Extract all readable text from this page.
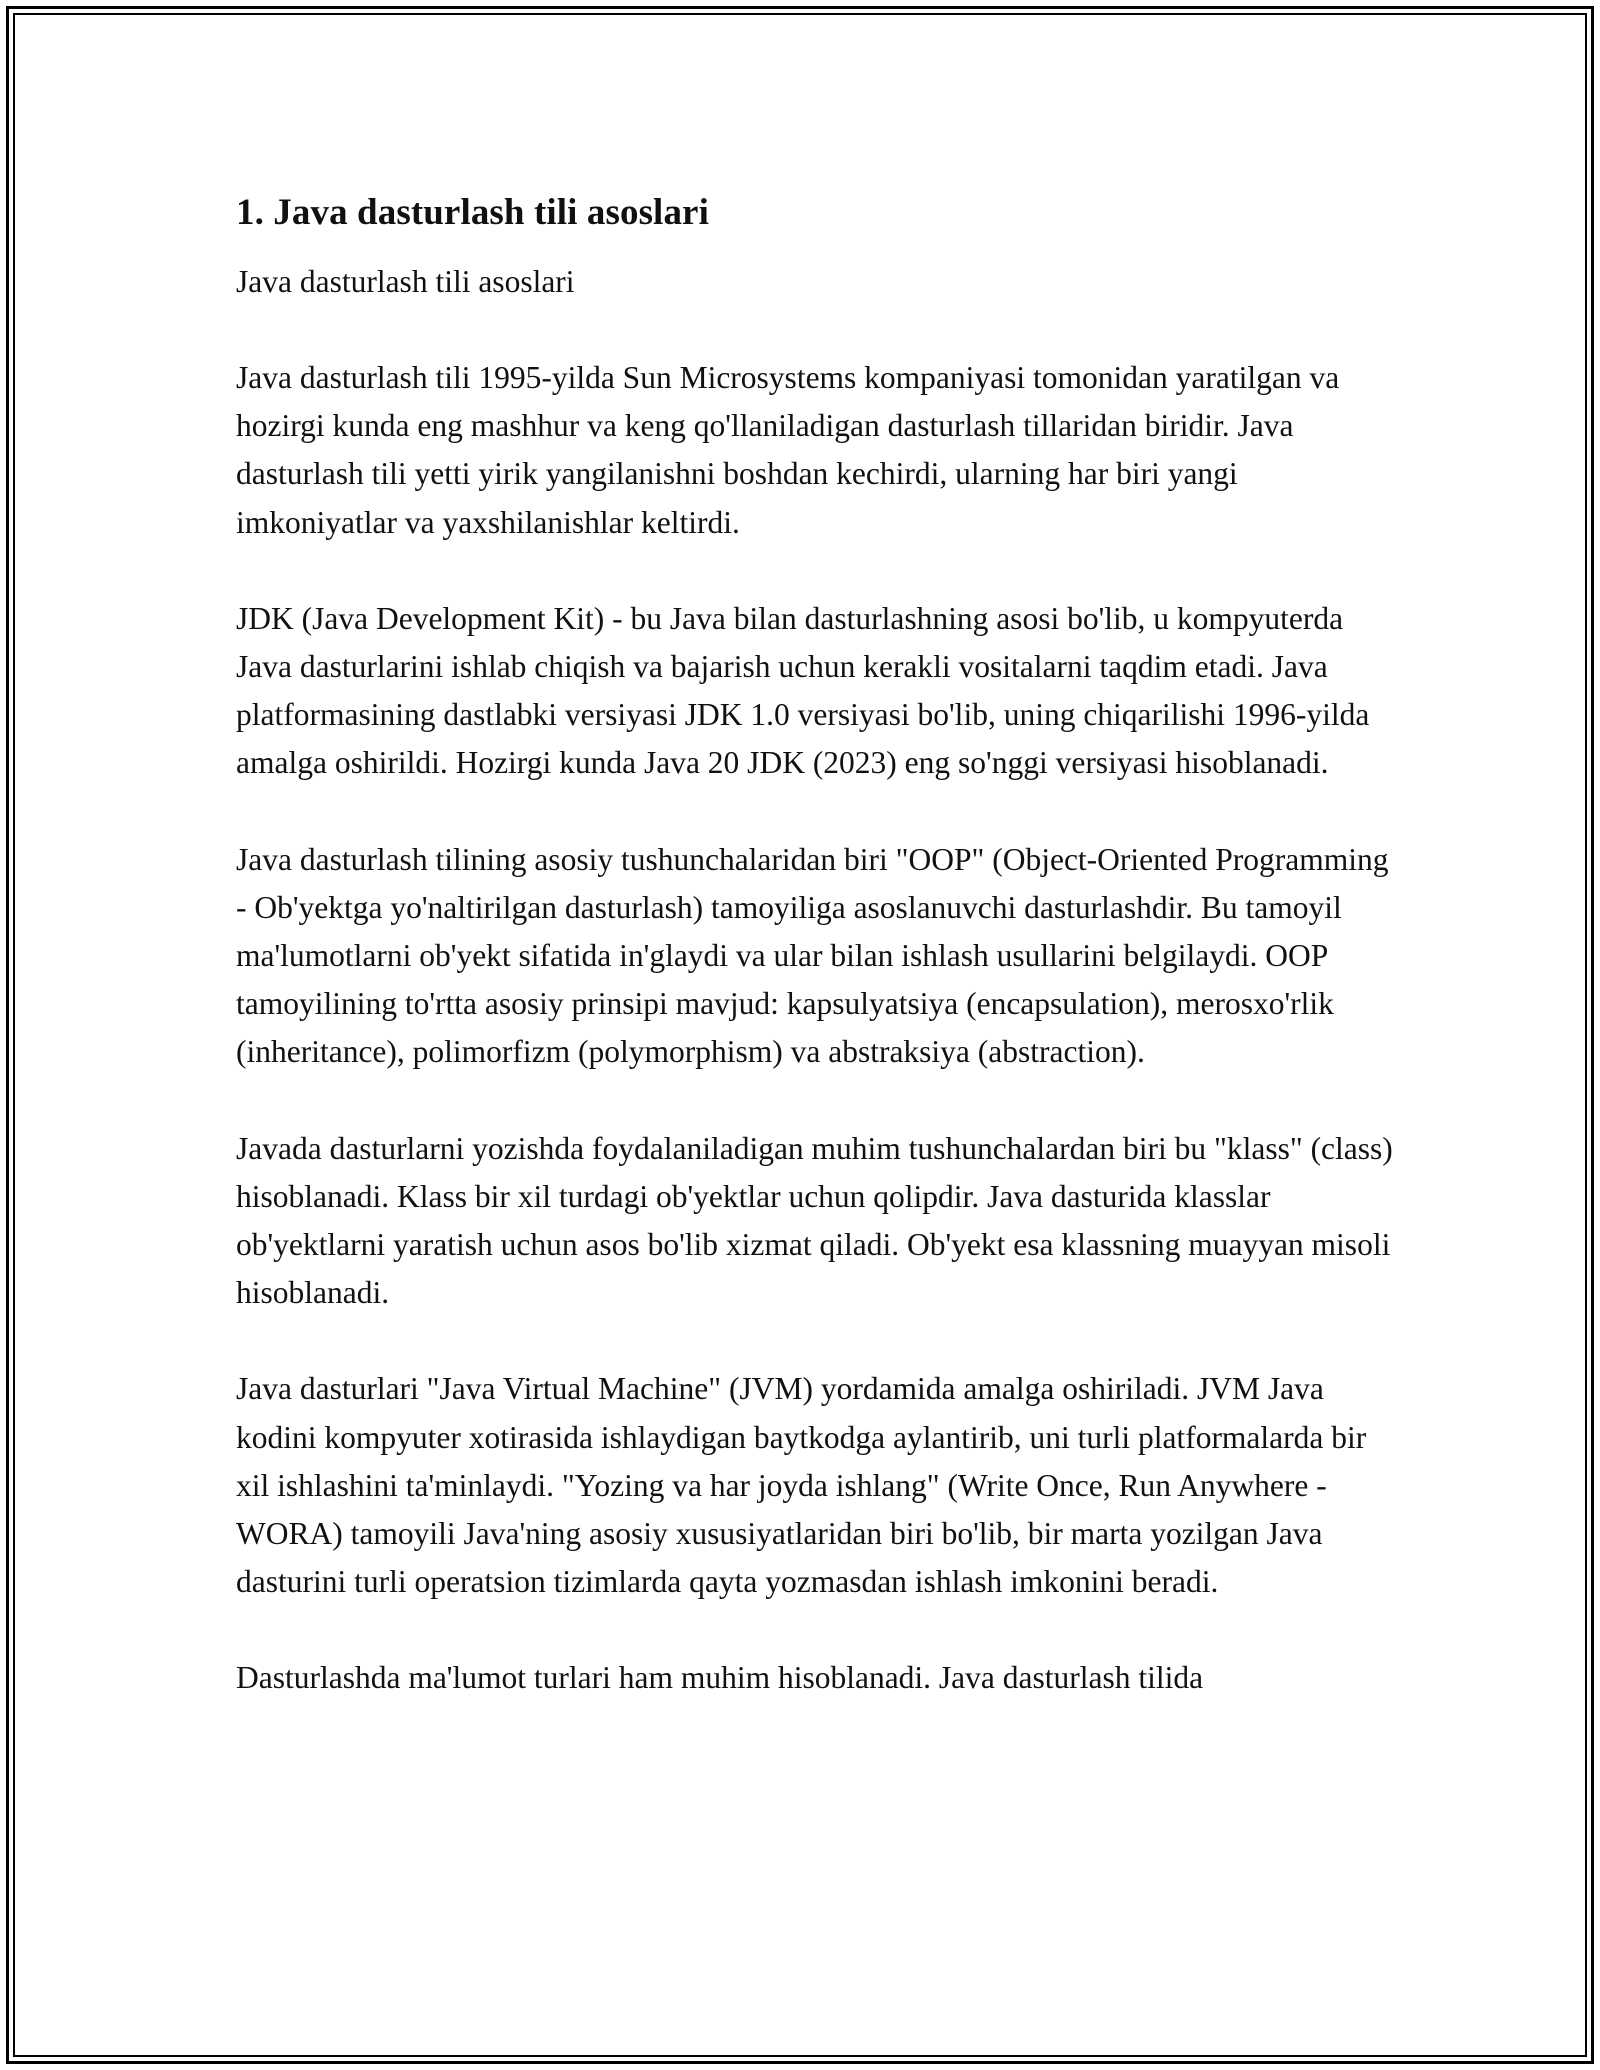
1. Java dasturlash tili asoslari
Java dasturlash tili asoslari

Java dasturlash tili 1995-yilda Sun Microsystems kompaniyasi tomonidan yaratilgan va hozirgi kunda eng mashhur va keng qo'llaniladigan dasturlash tillaridan biridir. Java dasturlash tili yetti yirik yangilanishni boshdan kechirdi, ularning har biri yangi imkoniyatlar va yaxshilanishlar keltirdi.

JDK (Java Development Kit) - bu Java bilan dasturlashning asosi bo'lib, u kompyuterda Java dasturlarini ishlab chiqish va bajarish uchun kerakli vositalarni taqdim etadi. Java platformasining dastlabki versiyasi JDK 1.0 versiyasi bo'lib, uning chiqarilishi 1996-yilda amalga oshirildi. Hozirgi kunda Java 20 JDK (2023) eng so'nggi versiyasi hisoblanadi.

Java dasturlash tilining asosiy tushunchalaridan biri "OOP" (Object-Oriented Programming - Ob'yektga yo'naltirilgan dasturlash) tamoyiliga asoslanuvchi dasturlashdir. Bu tamoyil ma'lumotlarni ob'yekt sifatida in'glaydi va ular bilan ishlash usullarini belgilaydi. OOP tamoyilining to'rtta asosiy prinsipi mavjud: kapsulyatsiya (encapsulation), merosxo'rlik (inheritance), polimorfizm (polymorphism) va abstraksiya (abstraction).

Javada dasturlarni yozishda foydalaniladigan muhim tushunchalardan biri bu "klass" (class) hisoblanadi. Klass bir xil turdagi ob'yektlar uchun qolipdir. Java dasturida klasslar ob'yektlarni yaratish uchun asos bo'lib xizmat qiladi. Ob'yekt esa klassning muayyan misoli hisoblanadi.

Java dasturlari "Java Virtual Machine" (JVM) yordamida amalga oshiriladi. JVM Java kodini kompyuter xotirasida ishlaydigan baytkodga aylantirib, uni turli platformalarda bir xil ishlashini ta'minlaydi. "Yozing va har joyda ishlang" (Write Once, Run Anywhere - WORA) tamoyili Java'ning asosiy xususiyatlaridan biri bo'lib, bir marta yozilgan Java dasturini turli operatsion tizimlarda qayta yozmasdan ishlash imkonini beradi.

Dasturlashda ma'lumot turlari ham muhim hisoblanadi. Java dasturlash tilida
